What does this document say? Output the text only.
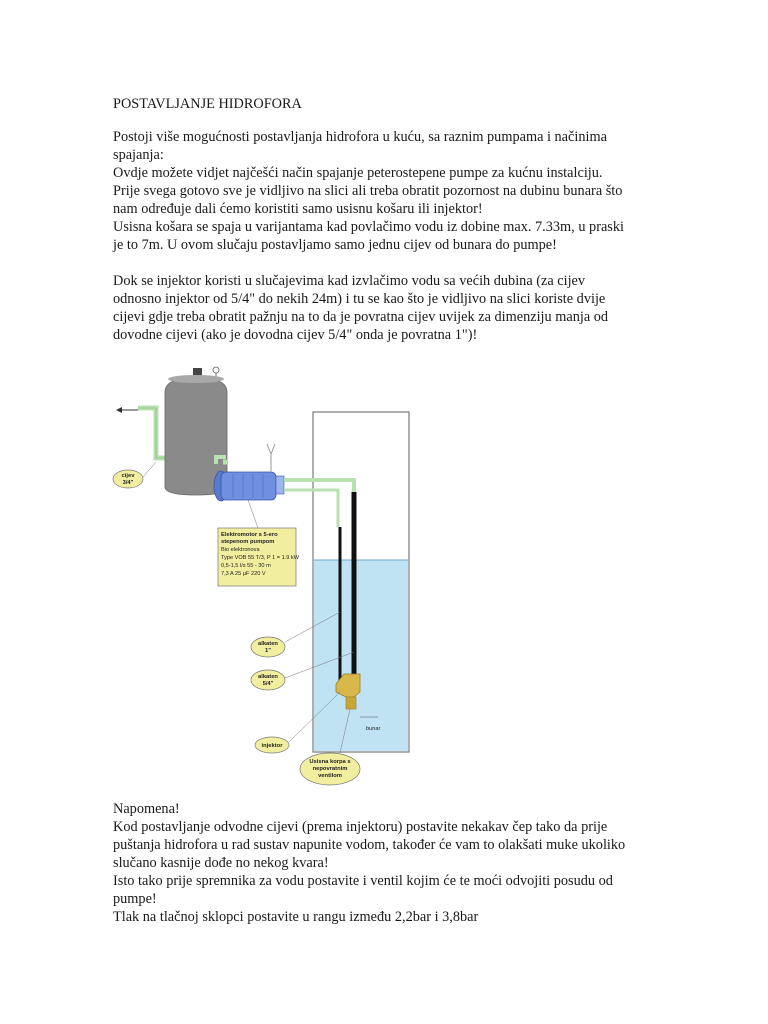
POSTAVLJANJE HIDROFORA

Postoji više mogućnosti postavljanja hidrofora u kuću, sa raznim pumpama i načinima

spajanja:

Ovdje možete vidjet najčešći način spajanje peterostepene pumpe za kućnu instalciju.

Prije svega gotovo sve je vidljivo na slici ali treba obratit pozornost na dubinu bunara što

nam određuje dali ćemo koristiti samo usisnu košaru ili injektor!

Usisna košara se spaja u varijantama kad povlačimo vodu iz dobine max. 7.33m, u praski

je to 7m. U ovom slučaju postavljamo samo jednu cijev od bunara do pumpe!

Dok se injektor koristi u slučajevima kad izvlačimo vodu sa većih dubina (za cijev

odnosno injektor od 5/4" do nekih 24m) i tu se kao što je vidljivo na slici koriste dvije

cijevi gdje treba obratit pažnju na to da je povratna cijev uvijek za dimenziju manja od

dovodne cijevi (ako je dovodna cijev 5/4" onda je povratna 1")!

cijev
3/4"
bunar
Elektromotor s 5-ero
stepenom pumpom
Bio elektronova
Type VOB 55 T/3, P 1 = 1.9 kW
0,5-1,5 l/s 55 - 30 m
7,3 A 25 µF 220 V
alkaten
1"
alkaten
5/4"
injektor
Usisna korpa s
nepovratnim
ventilom

Napomena!

Kod postavljanje odvodne cijevi (prema injektoru) postavite nekakav čep tako da prije

puštanja hidrofora u rad sustav napunite vodom, također će vam to olakšati muke ukoliko

slučano kasnije dođe no nekog kvara!

Isto tako prije spremnika za vodu postavite i ventil kojim će te moći odvojiti posudu od

pumpe!

Tlak na tlačnoj sklopci postavite u rangu između 2,2bar i 3,8bar
